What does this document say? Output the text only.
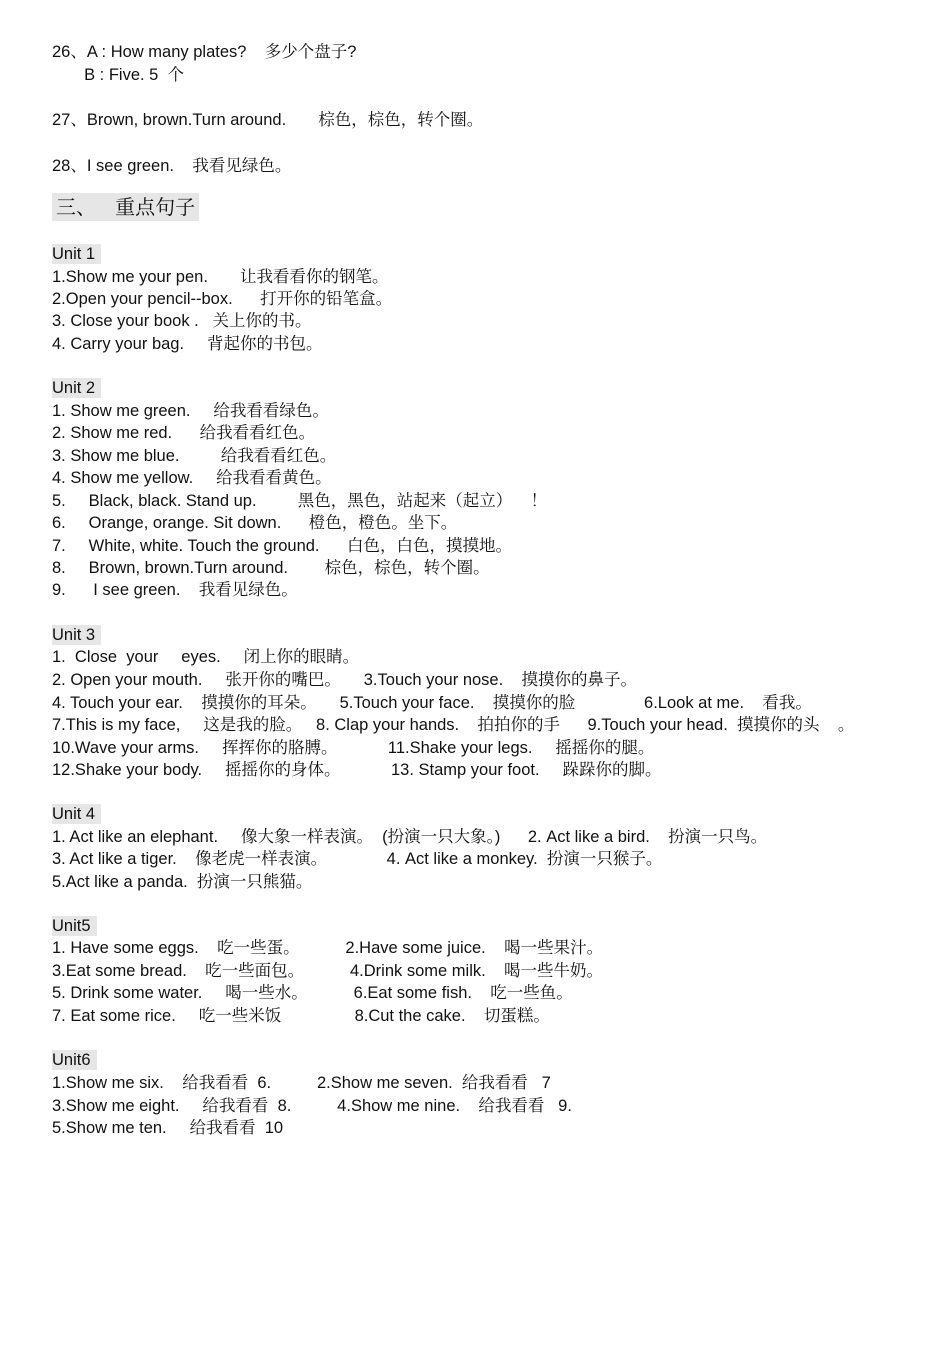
26、A : How many plates?    多少个盘子?
B : Five. 5  个
27、Brown, brown.Turn around.       棕色，棕色，转个圈。
28、I see green.    我看见绿色。
三、   重点句子
Unit 1
1.Show me your pen.       让我看看你的钢笔。
2.Open your pencil--box.      打开你的铅笔盒。
3. Close your book .   关上你的书。
4. Carry your bag.     背起你的书包。
Unit 2
1. Show me green.     给我看看绿色。
2. Show me red.      给我看看红色。
3. Show me blue.         给我看看红色。
4. Show me yellow.     给我看看黄色。
5.     Black, black. Stand up.         黑色，黑色，站起来（起立）    ！
6.     Orange, orange. Sit down.      橙色，橙色。坐下。
7.     White, white. Touch the ground.      白色，白色，摸摸地。
8.     Brown, brown.Turn around.        棕色，棕色，转个圈。
9.      I see green.    我看见绿色。
Unit 3
1.  Close  your     eyes.     闭上你的眼睛。
2. Open your mouth.     张开你的嘴巴。     3.Touch your nose.    摸摸你的鼻子。
4. Touch your ear.    摸摸你的耳朵。     5.Touch your face.    摸摸你的脸               6.Look at me.    看我。
7.This is my face,     这是我的脸。   8. Clap your hands.    拍拍你的手      9.Touch your head.  摸摸你的头    。
10.Wave your arms.     挥挥你的胳膊。           11.Shake your legs.     摇摇你的腿。
12.Shake your body.     摇摇你的身体。           13. Stamp your foot.     跺跺你的脚。
Unit 4
1. Act like an elephant.     像大象一样表演。  (扮演一只大象。)      2. Act like a bird.    扮演一只鸟。
3. Act like a tiger.    像老虎一样表演。             4. Act like a monkey.  扮演一只猴子。
5.Act like a panda.  扮演一只熊猫。
Unit5
1. Have some eggs.    吃一些蛋。          2.Have some juice.    喝一些果汁。
3.Eat some bread.    吃一些面包。          4.Drink some milk.    喝一些牛奶。
5. Drink some water.     喝一些水。          6.Eat some fish.    吃一些鱼。
7. Eat some rice.     吃一些米饭                8.Cut the cake.    切蛋糕。
Unit6
1.Show me six.    给我看看  6.          2.Show me seven.  给我看看   7
3.Show me eight.     给我看看  8.          4.Show me nine.    给我看看   9.
5.Show me ten.     给我看看  10
